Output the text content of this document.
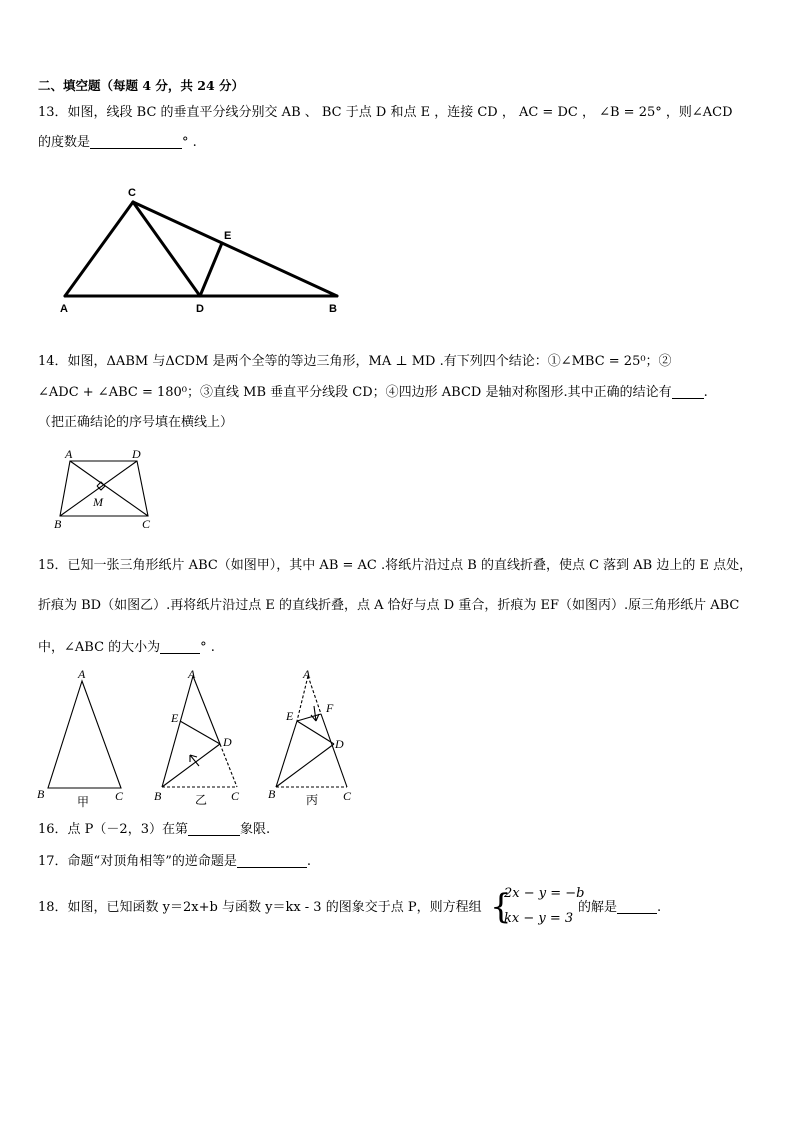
二、填空题（每题 4 分，共 24 分）
13．如图，线段 BC 的垂直平分线分别交 AB 、 BC 于点 D 和点 E ，连接 CD ， AC = DC ， ∠B = 25° ，则∠ACD
的度数是	° .
C
E
A	D	B
14．如图，ΔABM 与ΔCDM 是两个全等的等边三角形，MA ⊥ MD .有下列四个结论：①∠MBC = 25⁰；②
∠ADC + ∠ABC = 180⁰；③直线 MB 垂直平分线段 CD；④四边形 ABCD 是轴对称图形.其中正确的结论有 .
（把正确结论的序号填在横线上）
A	D
M
B	C
15．已知一张三角形纸片 ABC（如图甲），其中 AB = AC .将纸片沿过点 B 的直线折叠，使点 C 落到 AB 边上的 E 点处，
折痕为 BD（如图乙）.再将纸片沿过点 E 的直线折叠，点 A 恰好与点 D 重合，折痕为 EF（如图丙）.原三角形纸片 ABC
中，∠ABC 的大小为	° .
A
B	C
甲
A
E
D
B	C
乙
A
E
F
D
B	C
丙
16．点 P（－2，3）在第	象限.
17．命题“对顶角相等”的逆命题是	.
18．如图，已知函数 y＝2x+b 与函数 y＝kx - 3 的图象交于点 P，则方程组 {
2x − y = −b
kx − y = 3
的解是	.
